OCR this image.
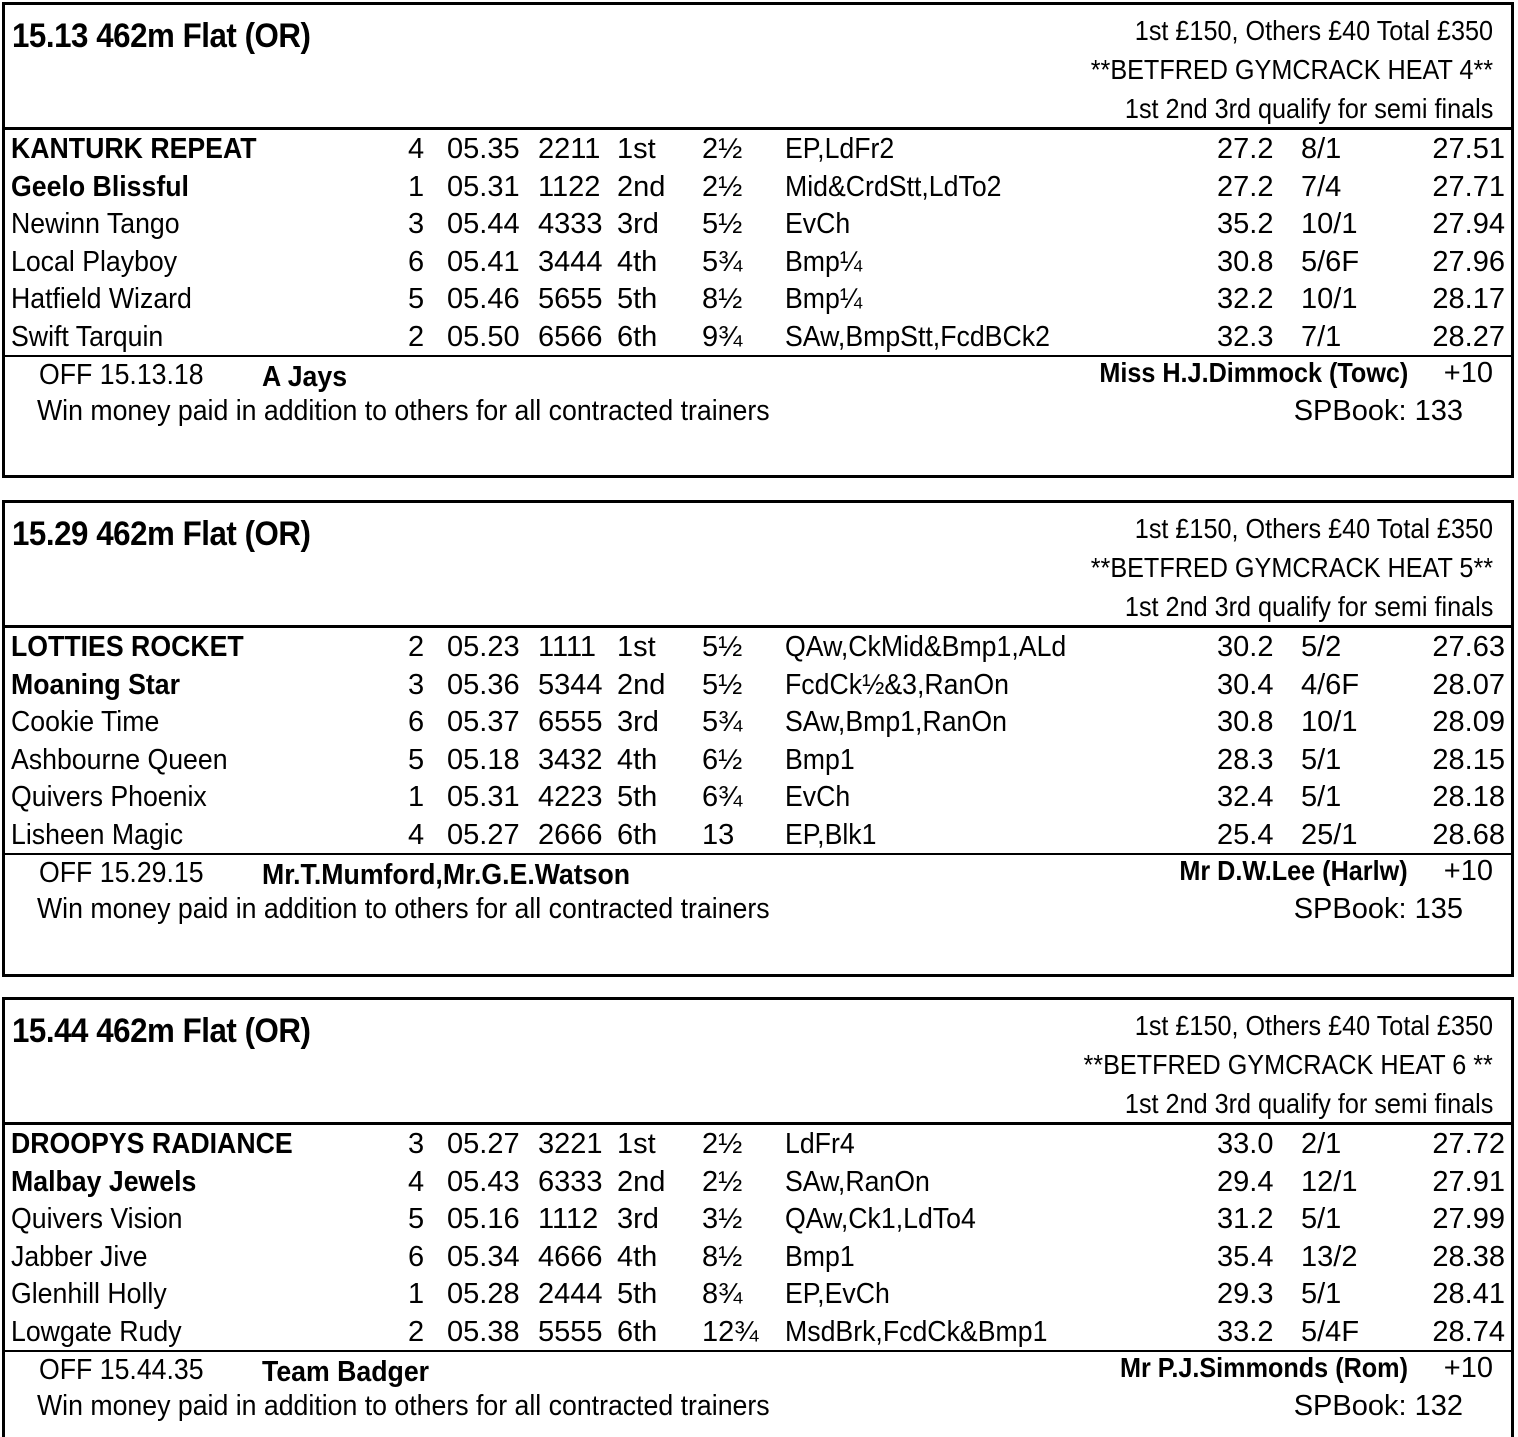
15.13 462m Flat (OR)	1st £150, Others £40 Total £350
**BETFRED GYMCRACK HEAT 4**
1st 2nd 3rd qualify for semi finals
KANTURK REPEAT	4 05.35 2211 1st 2½ EP,LdFr2	27.2 8/1	27.51
Geelo Blissful	1 05.31 1122 2nd 2½ Mid&CrdStt,LdTo2	27.2 7/4	27.71
Newinn Tango	3 05.44 4333 3rd 5½ EvCh	35.2 10/1	27.94
Local Playboy	6 05.41 3444 4th 5¾ Bmp¼	30.8 5/6F	27.96
Hatfield Wizard	5 05.46 5655 5th 8½ Bmp¼	32.2 10/1	28.17
Swift Tarquin	2 05.50 6566 6th 9¾ SAw,BmpStt,FcdBCk2	32.3 7/1	28.27
OFF 15.13.18 A Jays	Miss H.J.Dimmock (Towc) +10
Win money paid in addition to others for all contracted trainers	SPBook: 133
15.29 462m Flat (OR)	1st £150, Others £40 Total £350
**BETFRED GYMCRACK HEAT 5**
1st 2nd 3rd qualify for semi finals
LOTTIES ROCKET	2 05.23 1111 1st 5½ QAw,CkMid&Bmp1,ALd	30.2 5/2	27.63
Moaning Star	3 05.36 5344 2nd 5½ FcdCk½&3,RanOn	30.4 4/6F	28.07
Cookie Time	6 05.37 6555 3rd 5¾ SAw,Bmp1,RanOn	30.8 10/1	28.09
Ashbourne Queen	5 05.18 3432 4th 6½ Bmp1	28.3 5/1	28.15
Quivers Phoenix	1 05.31 4223 5th 6¾ EvCh	32.4 5/1	28.18
Lisheen Magic	4 05.27 2666 6th 13 EP,Blk1	25.4 25/1	28.68
OFF 15.29.15 Mr.T.Mumford,Mr.G.E.Watson	Mr D.W.Lee (Harlw) +10
Win money paid in addition to others for all contracted trainers	SPBook: 135
15.44 462m Flat (OR)	1st £150, Others £40 Total £350
**BETFRED GYMCRACK HEAT 6 **
1st 2nd 3rd qualify for semi finals
DROOPYS RADIANCE	3 05.27 3221 1st 2½ LdFr4	33.0 2/1	27.72
Malbay Jewels	4 05.43 6333 2nd 2½ SAw,RanOn	29.4 12/1	27.91
Quivers Vision	5 05.16 1112 3rd 3½ QAw,Ck1,LdTo4	31.2 5/1	27.99
Jabber Jive	6 05.34 4666 4th 8½ Bmp1	35.4 13/2	28.38
Glenhill Holly	1 05.28 2444 5th 8¾ EP,EvCh	29.3 5/1	28.41
Lowgate Rudy	2 05.38 5555 6th 12¾ MsdBrk,FcdCk&Bmp1	33.2 5/4F	28.74
OFF 15.44.35 Team Badger	Mr P.J.Simmonds (Rom) +10
Win money paid in addition to others for all contracted trainers	SPBook: 132
